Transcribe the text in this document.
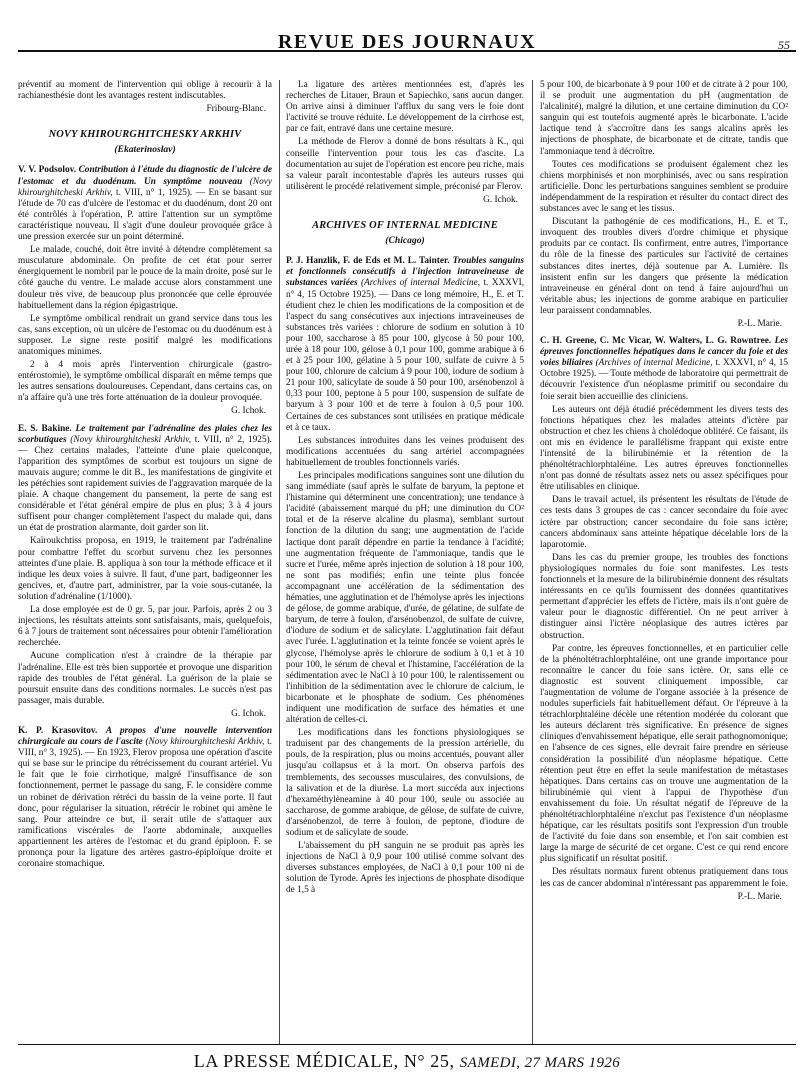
REVUE DES JOURNAUX	55

préventif au moment de l'intervention qui oblige à recourir à la rachianesthésie dont les avantages restent indiscutables.

Fribourg-Blanc.

NOVY KHIROURGHITCHESKY ARKHIV
(Ekaterinoslav)

V. V. Podsolov. Contribution à l'étude du diagnostic de l'ulcère de l'estomac et du duodénum. Un symptôme nouveau (Novy khirourghitcheski Arkhiv, t. VIII, n° 1, 1925). — En se basant sur l'étude de 70 cas d'ulcère de l'estomac et du duodénum, dont 20 ont été contrôlés à l'opération, P. attire l'attention sur un symptôme caractéristique nouveau. Il s'agit d'une douleur provoquée grâce à une pression exercée sur un point déterminé.

Le malade, couché, doit être invité à détendre complètement sa musculature abdominale. On profite de cet état pour serrer énergiquement le nombril par le pouce de la main droite, posé sur le côté gauche du ventre. Le malade accuse alors constamment une douleur très vive, de beaucoup plus prononcée que celle éprouvée habituellement dans la région épigastrique.

Le symptôme ombilical rendrait un grand service dans tous les cas, sans exception, où un ulcère de l'estomac ou du duodénum est à supposer. Le signe reste positif malgré les modifications anatomiques minimes.

2 à 4 mois après l'intervention chirurgicale (gastro-entérostomie), le symptôme ombilical disparaît en même temps que les autres sensations douloureuses. Cependant, dans certains cas, on n'a affaire qu'à une très forte atténuation de la douleur provoquée.

G. Ichok.

E. S. Bakine. Le traitement par l'adrénaline des plaies chez les scorbutiques (Novy khirourghitcheski Arkhiv, t. VIII, n° 2, 1925). — Chez certains malades, l'atteinte d'une plaie quelconque, l'apparition des symptômes de scorbut est toujours un signe de mauvais augure; comme le dit B., les manifestations de gingivite et les pétéchies sont rapidement suivies de l'aggravation marquée de la plaie. A chaque changement du pansement, la perte de sang est considérable et l'état général empire de plus en plus; 3 à 4 jours suffisent pour changer complètement l'aspect du malade qui, dans un état de prostration alarmante, doit garder son lit.

Kaïroukchtiss proposa, en 1919, le traitement par l'adrénaline pour combattre l'effet du scorbut survenu chez les personnes atteintes d'une plaie. B. appliqua à son tour la méthode efficace et il indique les deux voies à suivre. Il faut, d'une part, badigeonner les gencives, et, d'autre part, administrer, par la voie sous-cutanée, la solution d'adrénaline (1/1000).

La dose employée est de 0 gr. 5, par jour. Parfois, après 2 ou 3 injections, les résultats atteints sont satisfaisants, mais, quelquefois, 6 à 7 jours de traitement sont nécessaires pour obtenir l'amélioration recherchée.

Aucune complication n'est à craindre de la thérapie par l'adrénaline. Elle est très bien supportée et provoque une disparition rapide des troubles de l'état général. La guérison de la plaie se poursuit ensuite dans des conditions normales. Le succès n'est pas passager, mais durable.

G. Ichok.

K. P. Krasovitov. A propos d'une nouvelle intervention chirurgicale au cours de l'ascite (Novy khirourghitcheski Arkhiv, t. VIII, n° 3, 1925). — En 1923, Flerov proposa une opération d'ascite qui se base sur le principe du rétrécissement du courant artériel. Vu le fait que le foie cirrhotique, malgré l'insuffisance de son fonctionnement, permet le passage du sang, F. le considère comme un robinet de dérivation rétréci du bassin de la veine porte. Il faut donc, pour régulariser la situation, rétrécir le robinet qui amène le sang. Pour atteindre ce but, il serait utile de s'attaquer aux ramifications viscérales de l'aorte abdominale, auxquelles appartiennent les artères de l'estomac et du grand épiploon. F. se prononça pour la ligature des artères gastro-épiploïque droite et coronaire stomachique.

La ligature des artères mentionnées est, d'après les recherches de Litauer, Braun et Sapiechko, sans aucun danger. On arrive ainsi à diminuer l'afflux du sang vers le foie dont l'activité se trouve réduite. Le développement de la cirrhose est, par ce fait, entravé dans une certaine mesure.

La méthode de Flerov a donné de bons résultats à K., qui conseille l'intervention pour tous les cas d'ascite. La documentation au sujet de l'opération est encore peu riche, mais sa valeur paraît incontestable d'après les auteurs russes qui utilisèrent le procédé relativement simple, préconisé par Flerov.

G. Ichok.

ARCHIVES OF INTERNAL MEDICINE
(Chicago)

P. J. Hanzlik, F. de Eds et M. L. Tainter. Troubles sanguins et fonctionnels consécutifs à l'injection intraveineuse de substances variées (Archives of internal Medicine, t. XXXVI, n° 4, 15 Octobre 1925). — Dans ce long mémoire, H., E. et T. étudient chez le chien les modifications de la composition et de l'aspect du sang consécutives aux injections intraveineuses de substances très variées : chlorure de sodium en solution à 10 pour 100, saccharose à 85 pour 100, glycose à 50 pour 100, urée à 18 pour 100, gélose à 0,1 pour 100, gomme arabique à 6 et à 25 pour 100, gélatine à 5 pour 100, sulfate de cuivre à 5 pour 100, chlorure de calcium à 9 pour 100, iodure de sodium à 21 pour 100, salicylate de soude à 50 pour 100, arsénobenzol à 0,33 pour 100, peptone à 5 pour 100, suspension de sulfate de baryum à 3 pour 100 et de terre à foulon à 0,5 pour 100. Certaines de ces substances sont utilisées en pratique médicale et à ce taux.

Les substances introduites dans les veines produisent des modifications accentuées du sang artériel accompagnées habituellement de troubles fonctionnels variés.

Les principales modifications sanguines sont une dilution du sang immédiate (sauf après le sulfate de baryum, la peptone et l'histamine qui déterminent une concentration); une tendance à l'acidité (abaissement marqué du pH; une diminution du CO² total et de la réserve alcaline du plasma), semblant surtout fonction de la dilution du sang; une augmentation de l'acide lactique dont paraît dépendre en partie la tendance à l'acidité; une augmentation fréquente de l'ammoniaque, tandis que le sucre et l'urée, même après injection de solution à 18 pour 100, ne sont pas modifiés; enfin une teinte plus foncée accompagnant une accélération de la sédimentation des hématies, une agglutination et de l'hémolyse après les injections de gélose, de gomme arabique, d'urée, de gélatine, de sulfate de baryum, de terre à foulon, d'arsénobenzol, de sulfate de cuivre, d'iodure de sodium et de salicylate. L'agglutination fait défaut avec l'urée. L'agglutination et la teinte foncée se voient après le glycose, l'hémolyse après le chlorure de sodium à 0,1 et à 10 pour 100, le sérum de cheval et l'histamine, l'accélération de la sédimentation avec le NaCl à 10 pour 100, le ralentissement ou l'inhibition de la sédimentation avec le chlorure de calcium, le bicarbonate et le phosphate de sodium. Ces phénomènes indiquent une modification de surface des hématies et une altération de celles-ci.

Les modifications dans les fonctions physiologiques se traduisent par des changements de la pression artérielle, du pouls, de la respiration, plus ou moins accentués, pouvant aller jusqu'au collapsus et à la mort. On observa parfois des tremblements, des secousses musculaires, des convulsions, de la salivation et de la diurèse. La mort succéda aux injections d'hexaméthylèneamine à 40 pour 100, seule ou associée au saccharose, de gomme arabique, de gélose, de sulfate de cuivre, d'arsénobenzol, de terre à foulon, de peptone, d'iodure de sodium et de salicylate de soude.

L'abaissement du pH sanguin ne se produit pas après les injections de NaCl à 0,9 pour 100 utilisé comme solvant des diverses substances employées, de NaCl à 0,1 pour 100 ni de solution de Tyrode. Après les injections de phosphate disodique de 1,5 à

5 pour 100, de bicarbonate à 9 pour 100 et de citrate à 2 pour 100, il se produit une augmentation du pH (augmentation de l'alcalinité), malgré la dilution, et une certaine diminution du CO² sanguin qui est toutefois augmenté après le bicarbonate. L'acide lactique tend à s'accroître dans les sangs alcalins après les injections de phosphate, de bicarbonate et de citrate, tandis que l'ammoniaque tend à décroître.

Toutes ces modifications se produisent également chez les chiens morphinisés et non morphinisés, avec ou sans respiration artificielle. Donc les perturbations sanguines semblent se produire indépendamment de la respiration et résulter du contact direct des substances avec le sang et les tissus.

Discutant la pathogénie de ces modifications, H., E. et T., invoquent des troubles divers d'ordre chimique et physique produits par ce contact. Ils confirment, entre autres, l'importance du rôle de la finesse des particules sur l'activité de certaines substances dites inertes, déjà soutenue par A. Lumière. Ils insistent enfin sur les dangers que présente la médication intraveineuse en général dont on tend à faire aujourd'hui un véritable abus; les injections de gomme arabique en particulier leur paraissent condamnables.

P.-L. Marie.

C. H. Greene, C. Mc Vicar, W. Walters, L. G. Rowntree. Les épreuves fonctionnelles hépatiques dans le cancer du foie et des voies biliaires (Archives of internal Medicine, t. XXXVI, n° 4, 15 Octobre 1925). — Toute méthode de laboratoire qui permettrait de découvrir l'existence d'un néoplasme primitif ou secondaire du foie serait bien accueillie des cliniciens.

Les auteurs ont déjà étudié précédemment les divers tests des fonctions hépatiques chez les malades atteints d'ictère par obstruction et chez les chiens à cholédoque oblitéré. Ce faisant, ils ont mis en évidence le parallélisme frappant qui existe entre l'intensité de la bilirubinémie et la rétention de la phénoltétrachlorphtaléine. Les autres épreuves fonctionnelles n'ont pas donné de résultats assez nets ou assez spécifiques pour être utilisables en clinique.

Dans le travail actuel, ils présentent les résultats de l'étude de ces tests dans 3 groupes de cas : cancer secondaire du foie avec ictère par obstruction; cancer secondaire du foie sans ictère; cancers abdominaux sans atteinte hépatique décelable lors de la laparotomie.

Dans les cas du premier groupe, les troubles des fonctions physiologiques normales du foie sont manifestes. Les tests fonctionnels et la mesure de la bilirubinémie donnent des résultats intéressants en ce qu'ils fournissent des données quantitatives permettant d'apprécier les effets de l'ictère, mais ils n'ont guère de valeur pour le diagnostic différentiel. On ne peut arriver à distinguer ainsi l'ictère néoplasique des autres ictères par obstruction.

Par contre, les épreuves fonctionnelles, et en particulier celle de la phénoltétrachlorphtaléine, ont une grande importance pour reconnaître le cancer du foie sans ictère. Or, sans elle ce diagnostic est souvent cliniquement impossible, car l'augmentation de volume de l'organe associée à la présence de nodules superficiels fait habituellement défaut. Or l'épreuve à la tétrachlorphtaléine décèle une rétention modérée du colorant que les auteurs déclarent très significative. En présence de signes cliniques d'envahissement hépatique, elle serait pathognomonique; en l'absence de ces signes, elle devrait faire prendre en sérieuse considération la possibilité d'un néoplasme hépatique. Cette rétention peut être en effet la seule manifestation de métastases hépatiques. Dans certains cas on trouve une augmentation de la bilirubinémie qui vient à l'appui de l'hypothèse d'un envahissement du foie. Un résultat négatif de l'épreuve de la phénoltétrachlorphtaléine n'exclut pas l'existence d'un néoplasme hépatique, car les résultats positifs sont l'expression d'un trouble de l'activité du foie dans son ensemble, et l'on sait combien est large la marge de sécurité de cet organe. C'est ce qui rend encore plus significatif un résultat positif.

Des résultats normaux furent obtenus pratiquement dans tous les cas de cancer abdominal n'intéressant pas apparemment le foie.

P.-L. Marie.

LA PRESSE MÉDICALE, N° 25, SAMEDI, 27 MARS 1926
